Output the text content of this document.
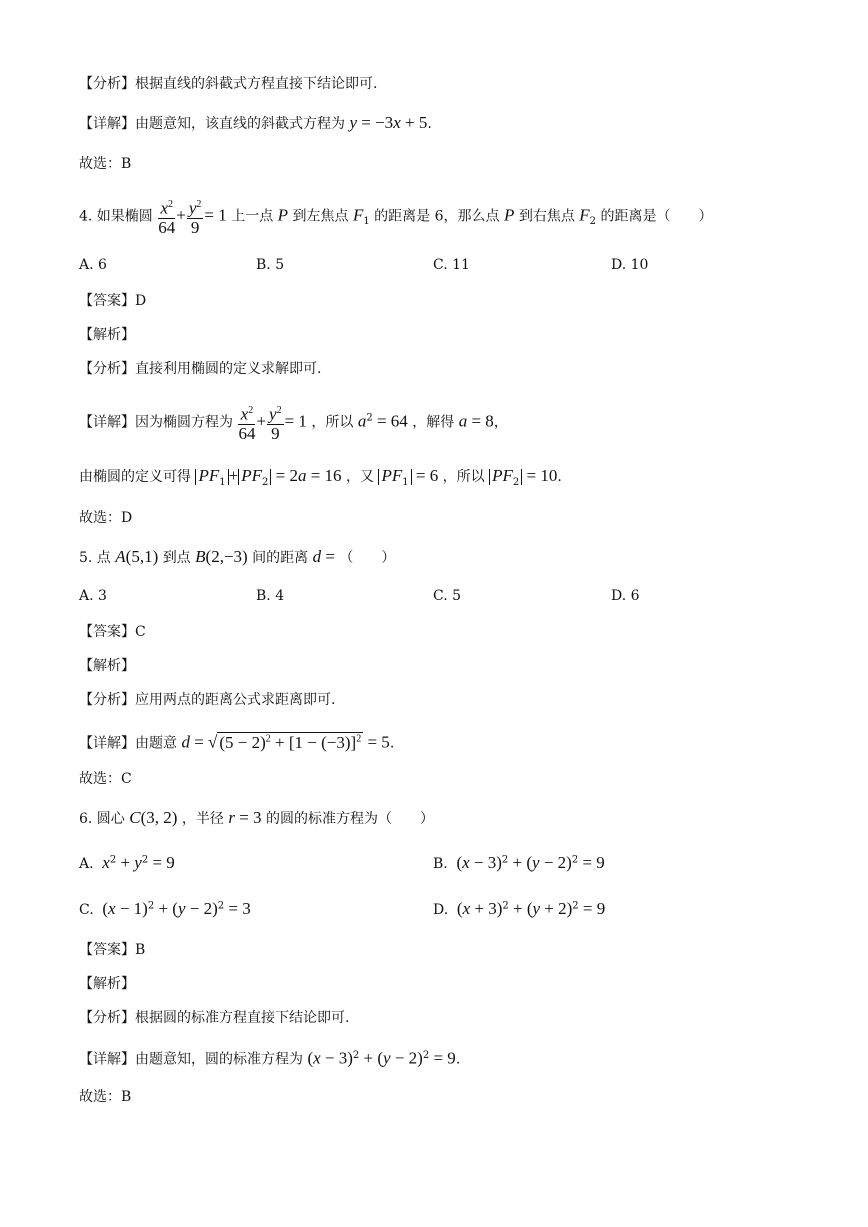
【分析】根据直线的斜截式方程直接下结论即可.
【详解】由题意知，该直线的斜截式方程为 y = −3x + 5.
故选：B
4. 如果椭圆 $\frac{x^2}{64} + \frac{y^2}{9} = 1$ 上一点 P 到左焦点 $F_1$ 的距离是 6，那么点 P 到右焦点 $F_2$ 的距离是（　　）
A. 6	B. 5	C. 11	D. 10
【答案】D
【解析】
【分析】直接利用椭圆的定义求解即可.
【详解】因为椭圆方程为 $\frac{x^2}{64} + \frac{y^2}{9} = 1$ ，所以 $a^2 = 64$ ，解得 a = 8，
由椭圆的定义可得 $PF_1 + PF_2 = 2a = 16$ ，又 $PF_1 = 6$ ，所以 $PF_2 = 10$.
故选：D
5. 点 A(5,1) 到点 B(2,−3) 间的距离 d = （　　）
A. 3	B. 4	C. 5	D. 6
【答案】C
【解析】
【分析】应用两点的距离公式求距离即可.
【详解】由题意 d = √ $(5 - 2)^2 + [1 - (-3)]^2 = 5$.
故选：C
6. 圆心 C(3, 2) ，半径 r = 3 的圆的标准方程为（　　）
A.  $x^2 + y^2 = 9$	B.  $(x - 3)^2 + (y - 2)^2 = 9$
C.  $(x - 1)^2 + (y - 2)^2 = 3$	D.  $(x + 3)^2 + (y + 2)^2 = 9$
【答案】B
【解析】
【分析】根据圆的标准方程直接下结论即可.
【详解】由题意知，圆的标准方程为 $(x - 3)^2 + (y - 2)^2 = 9$.
故选：B
